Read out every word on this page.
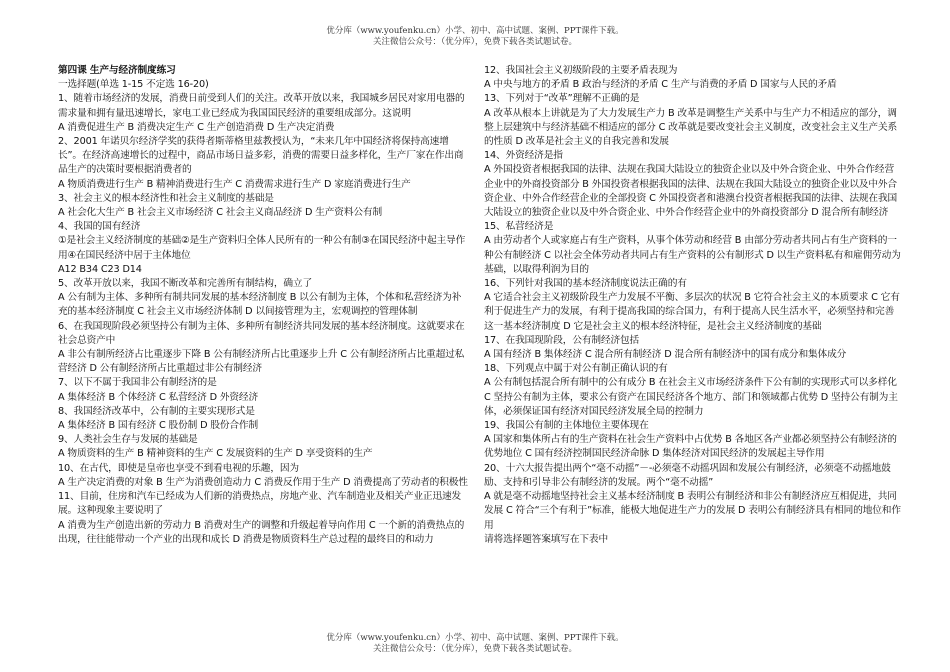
优分库（www.youfenku.cn）小学、初中、高中试题、案例、PPT课件下载。
关注微信公众号：（优分库），免费下载各类试题试卷。
第四课 生产与经济制度练习
一选择题(单选 1-15 不定选 16-20)
1、随着市场经济的发展，消费日前受到人们的关注。改革开放以来，我国城乡居民对家用电器的需求量和拥有量迅速增长，家电工业已经成为我国国民经济的重要组成部分。这说明
A 消费促进生产 B 消费决定生产 C 生产创造消费 D 生产决定消费
2、2001 年诺贝尔经济学奖的获得者斯蒂格里兹教授认为，“未来几年中国经济将保持高速增长”。在经济高速增长的过程中，商品市场日益多彩，消费的需要日益多样化，生产厂家在作出商品生产的决策时要根据消费者的
A 物质消费进行生产 B 精神消费进行生产 C 消费需求进行生产 D 家庭消费进行生产
3、社会主义的根本经济性和社会主义制度的基础是
A 社会化大生产 B 社会主义市场经济 C 社会主义商品经济 D 生产资料公有制
4、我国的国有经济
①是社会主义经济制度的基础②是生产资料归全体人民所有的一种公有制③在国民经济中起主导作用④在国民经济中居于主体地位
A12 B34 C23 D14
5、改革开放以来，我国不断改革和完善所有制结构，确立了
A 公有制为主体、多种所有制共同发展的基本经济制度 B 以公有制为主体，个体和私营经济为补充的基本经济制度 C 社会主义市场经济体制 D 以间接管理为主，宏观调控的管理体制
6、在我国现阶段必须坚持公有制为主体、多种所有制经济共同发展的基本经济制度。这就要求在社会总资产中
A 非公有制所经济占比重逐步下降 B 公有制经济所占比重逐步上升 C 公有制经济所占比重超过私营经济 D 公有制经济所占比重超过非公有制经济
7、以下不属于我国非公有制经济的是
A 集体经济 B 个体经济 C 私营经济 D 外资经济
8、我国经济改革中，公有制的主要实现形式是
A 集体经济 B 国有经济 C 股份制 D 股份合作制
9、人类社会生存与发展的基础是
A 物质资料的生产 B 精神资料的生产 C 发展资料的生产 D 享受资料的生产
10、在古代，即使是皇帝也享受不到看电视的乐趣，因为
A 生产决定消费的对象 B 生产为消费创造动力 C 消费反作用于生产 D 消费提高了劳动者的积极性
11、目前，住房和汽车已经成为人们新的消费热点，房地产业、汽车制造业及相关产业正迅速发展。这种现象主要说明了
A 消费为生产创造出新的劳动力 B 消费对生产的调整和升级起着导向作用 C 一个新的消费热点的出现，往往能带动一个产业的出现和成长 D 消费是物质资料生产总过程的最终目的和动力
12、我国社会主义初级阶段的主要矛盾表现为
A 中央与地方的矛盾 B 政治与经济的矛盾 C 生产与消费的矛盾 D 国家与人民的矛盾
13、下列对于“改革”理解不正确的是
A 改革从根本上讲就是为了大力发展生产力 B 改革是调整生产关系中与生产力不相适应的部分，调整上层建筑中与经济基础不相适应的部分 C 改革就是要改变社会主义制度，改变社会主义生产关系的性质 D 改革是社会主义的自我完善和发展
14、外资经济是指
A 外国投资者根据我国的法律、法规在我国大陆设立的独资企业以及中外合资企业、中外合作经营企业中的外商投资部分 B 外国投资者根据我国的法律、法规在我国大陆设立的独资企业以及中外合资企业、中外合作经营企业的全部投资 C 外国投资者和港澳台投资者根据我国的法律、法规在我国大陆设立的独资企业以及中外合资企业、中外合作经营企业中的外商投资部分 D 混合所有制经济
15、私营经济是
A 由劳动者个人或家庭占有生产资料，从事个体劳动和经营 B 由部分劳动者共同占有生产资料的一种公有制经济 C 以社会全体劳动者共同占有生产资料的公有制形式 D 以生产资料私有和雇佣劳动为基础，以取得利润为目的
16、下列针对我国的基本经济制度说法正确的有
A 它适合社会主义初级阶段生产力发展不平衡、多层次的状况 B 它符合社会主义的本质要求 C 它有利于促进生产力的发展，有利于提高我国的综合国力，有利于提高人民生活水平，必须坚持和完善这一基本经济制度 D 它是社会主义的根本经济特征，是社会主义经济制度的基础
17、在我国现阶段，公有制经济包括
A 国有经济 B 集体经济 C 混合所有制经济 D 混合所有制经济中的国有成分和集体成分
18、下列观点中属于对公有制正确认识的有
A 公有制包括混合所有制中的公有成分 B 在社会主义市场经济条件下公有制的实现形式可以多样化 C 坚持公有制为主体，要求公有资产在国民经济各个地方、部门和领域都占优势 D 坚持公有制为主体，必须保证国有经济对国民经济发展全局的控制力
19、我国公有制的主体地位主要体现在
A 国家和集体所占有的生产资料在社会生产资料中占优势 B 各地区各产业都必须坚持公有制经济的优势地位 C 国有经济控制国民经济命脉 D 集体经济对国民经济的发展起主导作用
20、十六大报告提出两个“毫不动摇”－-必须毫不动摇巩固和发展公有制经济，必须毫不动摇地鼓励、支持和引导非公有制经济的发展。两个“毫不动摇”
A 就是毫不动摇地坚持社会主义基本经济制度 B 表明公有制经济和非公有制经济应互相促进，共同发展 C 符合“三个有利于”标准，能极大地促进生产力的发展 D 表明公有制经济具有相同的地位和作用
请将选择题答案填写在下表中
优分库（www.youfenku.cn）小学、初中、高中试题、案例、PPT课件下载。
关注微信公众号：（优分库），免费下载各类试题试卷。
